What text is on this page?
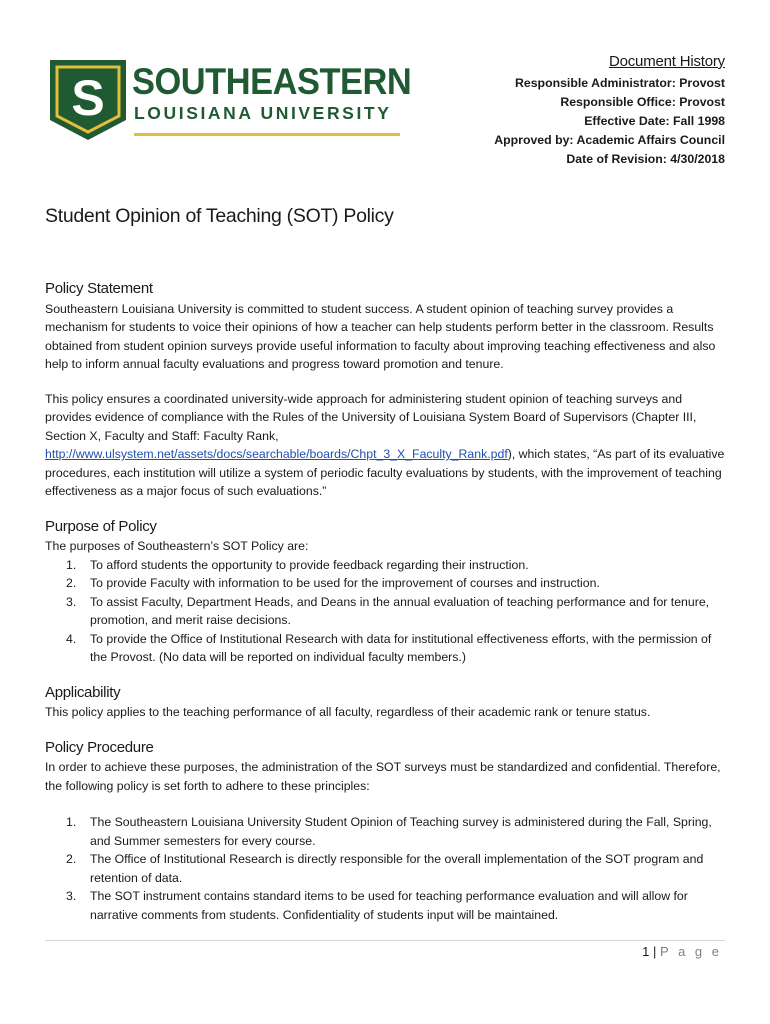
S SOUTHEASTERN
LOUISIANA UNIVERSITY
Document History
Responsible Administrator: Provost
Responsible Office: Provost
Effective Date: Fall 1998
Approved by: Academic Affairs Council
Date of Revision: 4/30/2018
Student Opinion of Teaching (SOT) Policy
Policy Statement

Southeastern Louisiana University is committed to student success. A student opinion of teaching survey provides a mechanism for students to voice their opinions of how a teacher can help students perform better in the classroom. Results obtained from student opinion surveys provide useful information to faculty about improving teaching effectiveness and also help to inform annual faculty evaluations and progress toward promotion and tenure.

This policy ensures a coordinated university-wide approach for administering student opinion of teaching surveys and provides evidence of compliance with the Rules of the University of Louisiana System Board of Supervisors (Chapter III, Section X, Faculty and Staff: Faculty Rank, http://www.ulsystem.net/assets/docs/searchable/boards/Chpt_3_X_Faculty_Rank.pdf), which states, “As part of its evaluative procedures, each institution will utilize a system of periodic faculty evaluations by students, with the improvement of teaching effectiveness as a major focus of such evaluations.”

Purpose of Policy

The purposes of Southeastern’s SOT Policy are:

1. To afford students the opportunity to provide feedback regarding their instruction.
2. To provide Faculty with information to be used for the improvement of courses and instruction.
3. To assist Faculty, Department Heads, and Deans in the annual evaluation of teaching performance and for tenure, promotion, and merit raise decisions.
4. To provide the Office of Institutional Research with data for institutional effectiveness efforts, with the permission of the Provost. (No data will be reported on individual faculty members.)
Applicability

This policy applies to the teaching performance of all faculty, regardless of their academic rank or tenure status.

Policy Procedure

In order to achieve these purposes, the administration of the SOT surveys must be standardized and confidential. Therefore, the following policy is set forth to adhere to these principles:

1. The Southeastern Louisiana University Student Opinion of Teaching survey is administered during the Fall, Spring, and Summer semesters for every course.
2. The Office of Institutional Research is directly responsible for the overall implementation of the SOT program and retention of data.
3. The SOT instrument contains standard items to be used for teaching performance evaluation and will allow for narrative comments from students. Confidentiality of students input will be maintained.
1 | P a g e
